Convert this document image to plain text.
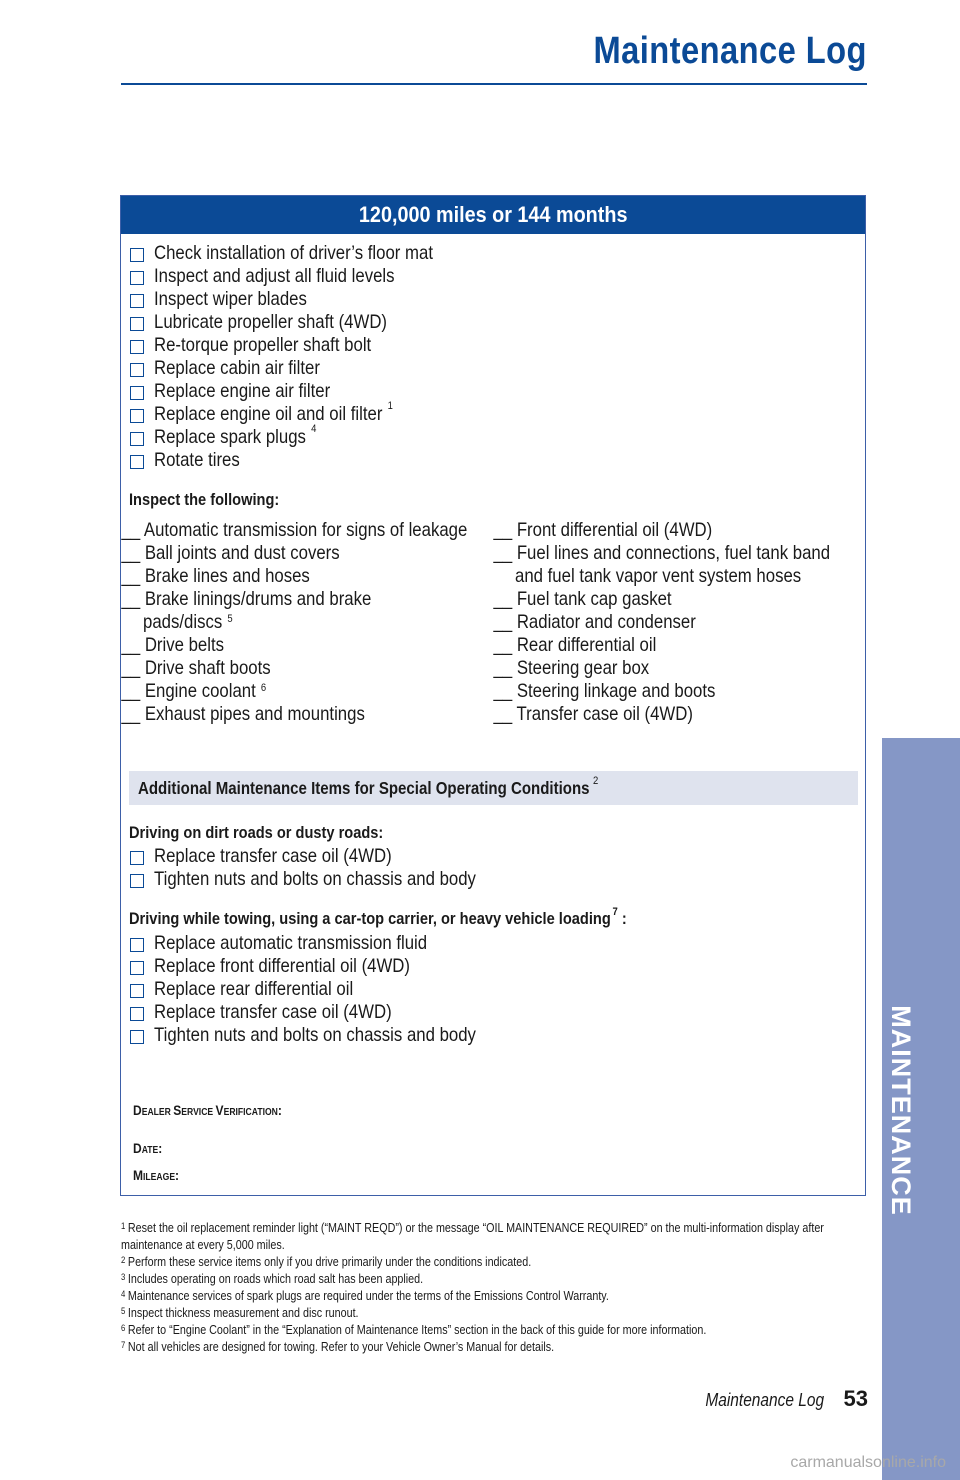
Maintenance Log
MAINTENANCE
120,000 miles or 144 months
Check installation of driver’s floor mat
Inspect and adjust all fluid levels
Inspect wiper blades
Lubricate propeller shaft (4WD)
Re-torque propeller shaft bolt
Replace cabin air filter
Replace engine air filter
Replace engine oil and oil filter $^1$
Replace spark plugs $^4$
Rotate tires
Inspect the following:
__ Automatic transmission for signs of leakage
__ Ball joints and dust covers
__ Brake lines and hoses
__ Brake linings/drums and brake pads/discs $^5$
__ Drive belts
__ Drive shaft boots
__ Engine coolant $^6$
__ Exhaust pipes and mountings
__ Front differential oil (4WD)
__ Fuel lines and connections, fuel tank band and fuel tank vapor vent system hoses
__ Fuel tank cap gasket
__ Radiator and condenser
__ Rear differential oil
__ Steering gear box
__ Steering linkage and boots
__ Transfer case oil (4WD)
Additional Maintenance Items for Special Operating Conditions $^2$
Driving on dirt roads or dusty roads:
Replace transfer case oil (4WD)
Tighten nuts and bolts on chassis and body
Driving while towing, using a car-top carrier, or heavy vehicle loading $^7$ :
Replace automatic transmission fluid
Replace front differential oil (4WD)
Replace rear differential oil
Replace transfer case oil (4WD)
Tighten nuts and bolts on chassis and body
DEALER SERVICE VERIFICATION:
DATE:
MILEAGE:
$^1$ Reset the oil replacement reminder light (“MAINT REQD”) or the message “OIL MAINTENANCE REQUIRED” on the multi-information display after maintenance at every 5,000 miles.
$^2$ Perform these service items only if you drive primarily under the conditions indicated.
$^3$ Includes operating on roads which road salt has been applied.
$^4$ Maintenance services of spark plugs are required under the terms of the Emissions Control Warranty.
$^5$ Inspect thickness measurement and disc runout.
$^6$ Refer to “Engine Coolant” in the “Explanation of Maintenance Items” section in the back of this guide for more information.
$^7$ Not all vehicles are designed for towing. Refer to your Vehicle Owner’s Manual for details.
Maintenance Log 53
carmanualsonline.info
